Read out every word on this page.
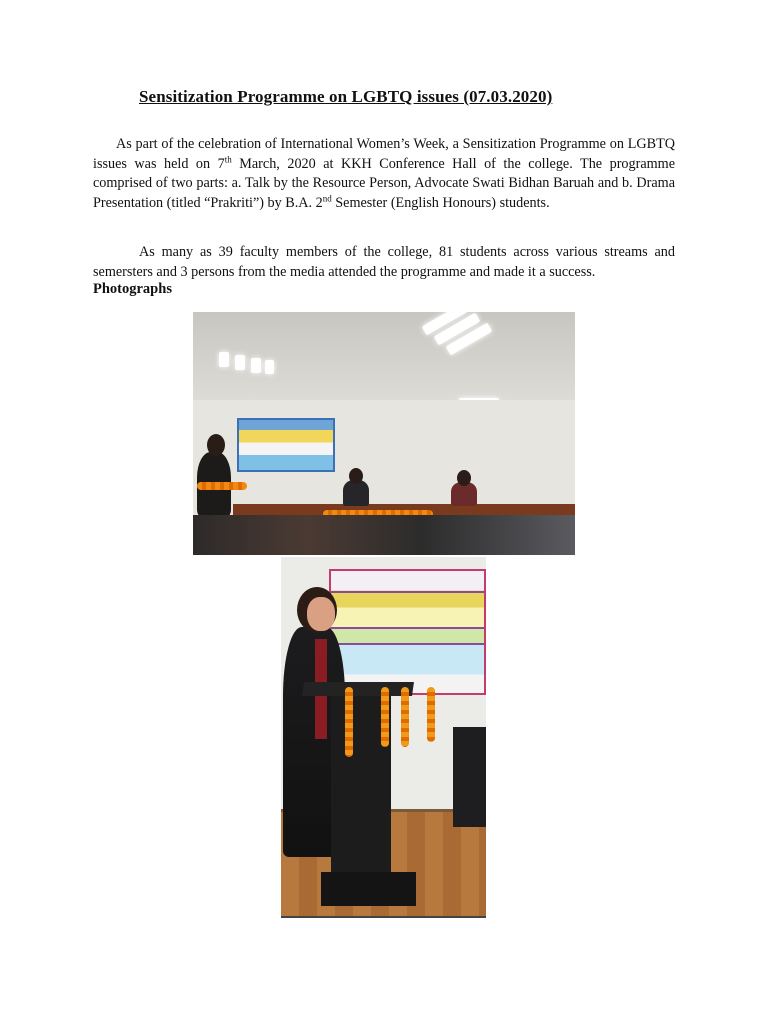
Sensitization Programme on LGBTQ issues (07.03.2020)

As part of the celebration of International Women’s Week, a Sensitization Programme on LGBTQ issues was held on 7th March, 2020 at KKH Conference Hall of the college. The programme comprised of two parts: a. Talk by the Resource Person, Advocate Swati Bidhan Baruah and b. Drama Presentation (titled “Prakriti”) by B.A. 2nd Semester (English Honours) students.

As many as 39 faculty members of the college, 81 students across various streams and semersters and 3 persons from the media attended the programme and made it a success.

Photographs
